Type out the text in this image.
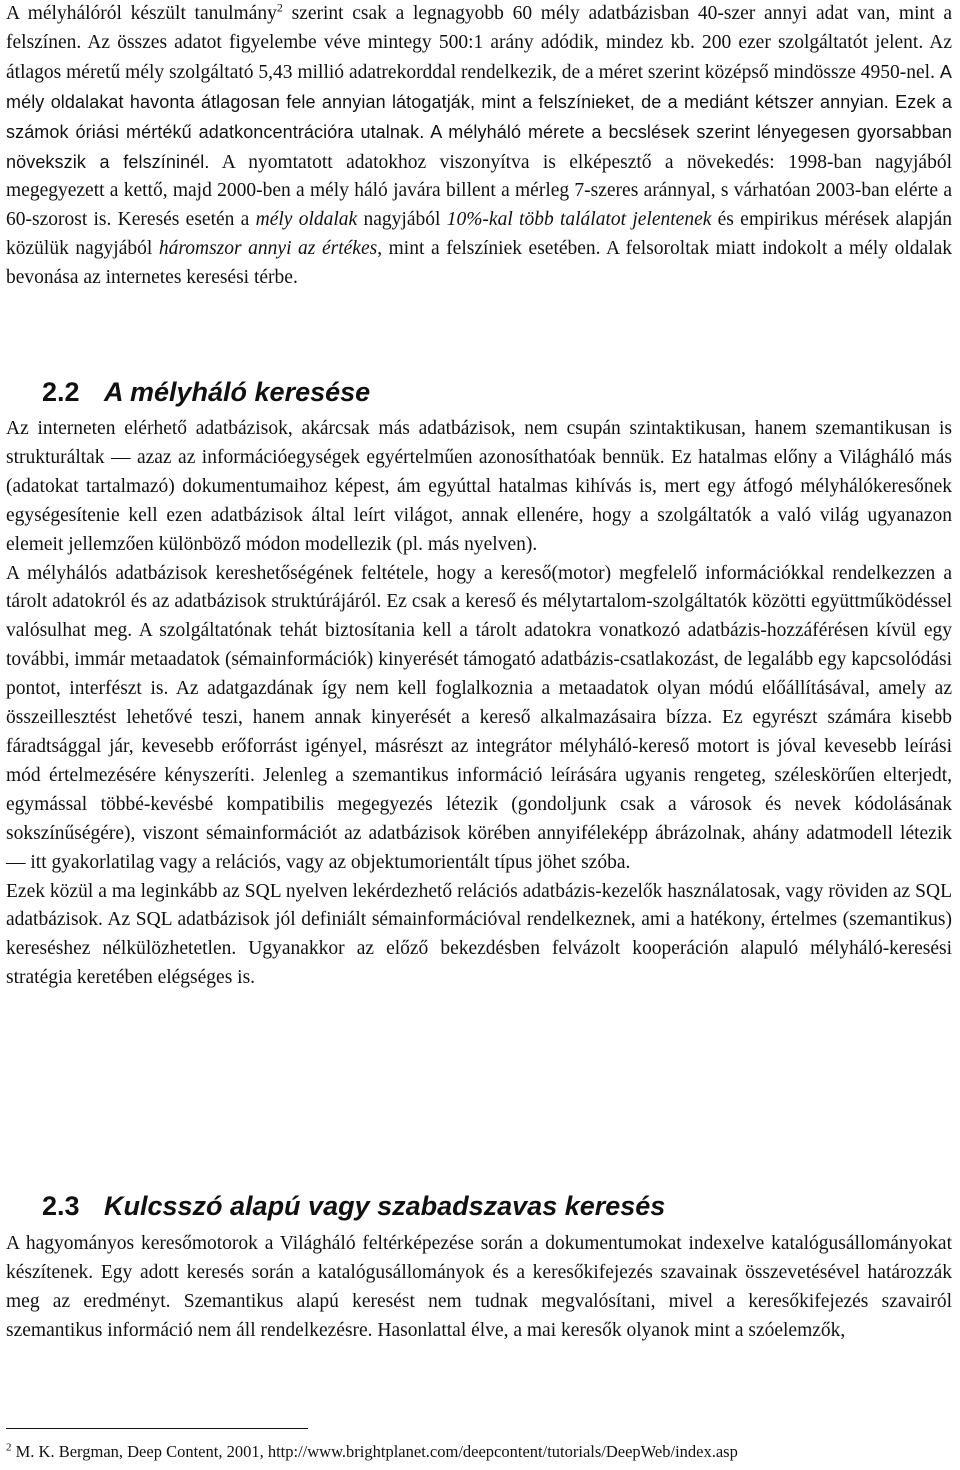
A mélyhálóról készült tanulmány$^2$ szerint csak a legnagyobb 60 mély adatbázisban 40-szer annyi adat van, mint a felszínen. Az összes adatot figyelembe véve mintegy 500:1 arány adódik, mindez kb. 200 ezer szolgáltatót jelent. Az átlagos méretű mély szolgáltató 5,43 millió adatrekorddal rendelkezik, de a méret szerint középső mindössze 4950-nel. A mély oldalakat havonta átlagosan fele annyian látogatják, mint a felszínieket, de a mediánt kétszer annyian. Ezek a számok óriási mértékű adatkoncentrációra utalnak. A mélyháló mérete a becslések szerint lényegesen gyorsabban növekszik a felszíninél. A nyomtatott adatokhoz viszonyítva is elképesztő a növekedés: 1998-ban nagyjából megegyezett a kettő, majd 2000-ben a mély háló javára billent a mérleg 7-szeres aránnyal, s várhatóan 2003-ban elérte a 60-szorost is. Keresés esetén a mély oldalak nagyjából 10%-kal több találatot jelentenek és empirikus mérések alapján közülük nagyjából háromszor annyi az értékes, mint a felszíniek esetében. A felsoroltak miatt indokolt a mély oldalak bevonása az internetes keresési térbe.

2.2 A mélyháló keresése

Az interneten elérhető adatbázisok, akárcsak más adatbázisok, nem csupán szintaktikusan, hanem szemantikusan is strukturáltak — azaz az információegységek egyértelműen azonosíthatóak bennük. Ez hatalmas előny a Világháló más (adatokat tartalmazó) dokumentumaihoz képest, ám egyúttal hatalmas kihívás is, mert egy átfogó mélyhálókeresőnek egységesítenie kell ezen adatbázisok által leírt világot, annak ellenére, hogy a szolgáltatók a való világ ugyanazon elemeit jellemzően különböző módon modellezik (pl. más nyelven).

A mélyhálós adatbázisok kereshetőségének feltétele, hogy a kereső(motor) megfelelő információkkal rendelkezzen a tárolt adatokról és az adatbázisok struktúrájáról. Ez csak a kereső és mélytartalom-szolgáltatók közötti együttműködéssel valósulhat meg. A szolgáltatónak tehát biztosítania kell a tárolt adatokra vonatkozó adatbázis-hozzáférésen kívül egy további, immár metaadatok (sémainformációk) kinyerését támogató adatbázis-csatlakozást, de legalább egy kapcsolódási pontot, interfészt is. Az adatgazdának így nem kell foglalkoznia a metaadatok olyan módú előállításával, amely az összeillesztést lehetővé teszi, hanem annak kinyerését a kereső alkalmazásaira bízza. Ez egyrészt számára kisebb fáradtsággal jár, kevesebb erőforrást igényel, másrészt az integrátor mélyháló-kereső motort is jóval kevesebb leírási mód értelmezésére kényszeríti. Jelenleg a szemantikus információ leírására ugyanis rengeteg, széleskörűen elterjedt, egymással többé-kevésbé kompatibilis megegyezés létezik (gondoljunk csak a városok és nevek kódolásának sokszínűségére), viszont sémainformációt az adatbázisok körében annyiféleképp ábrázolnak, ahány adatmodell létezik — itt gyakorlatilag vagy a relációs, vagy az objektumorientált típus jöhet szóba.

Ezek közül a ma leginkább az SQL nyelven lekérdezhető relációs adatbázis-kezelők használatosak, vagy röviden az SQL adatbázisok. Az SQL adatbázisok jól definiált sémainformációval rendelkeznek, ami a hatékony, értelmes (szemantikus) kereséshez nélkülözhetetlen. Ugyanakkor az előző bekezdésben felvázolt kooperáción alapuló mélyháló-keresési stratégia keretében elégséges is.

2.3 Kulcsszó alapú vagy szabadszavas keresés

A hagyományos keresőmotorok a Világháló feltérképezése során a dokumentumokat indexelve katalógusállományokat készítenek. Egy adott keresés során a katalógusállományok és a keresőkifejezés szavainak összevetésével határozzák meg az eredményt. Szemantikus alapú keresést nem tudnak megvalósítani, mivel a keresőkifejezés szavairól szemantikus információ nem áll rendelkezésre. Hasonlattal élve, a mai keresők olyanok mint a szóelemzők,

$^2$ M. K. Bergman, Deep Content, 2001, http://www.brightplanet.com/deepcontent/tutorials/DeepWeb/index.asp
